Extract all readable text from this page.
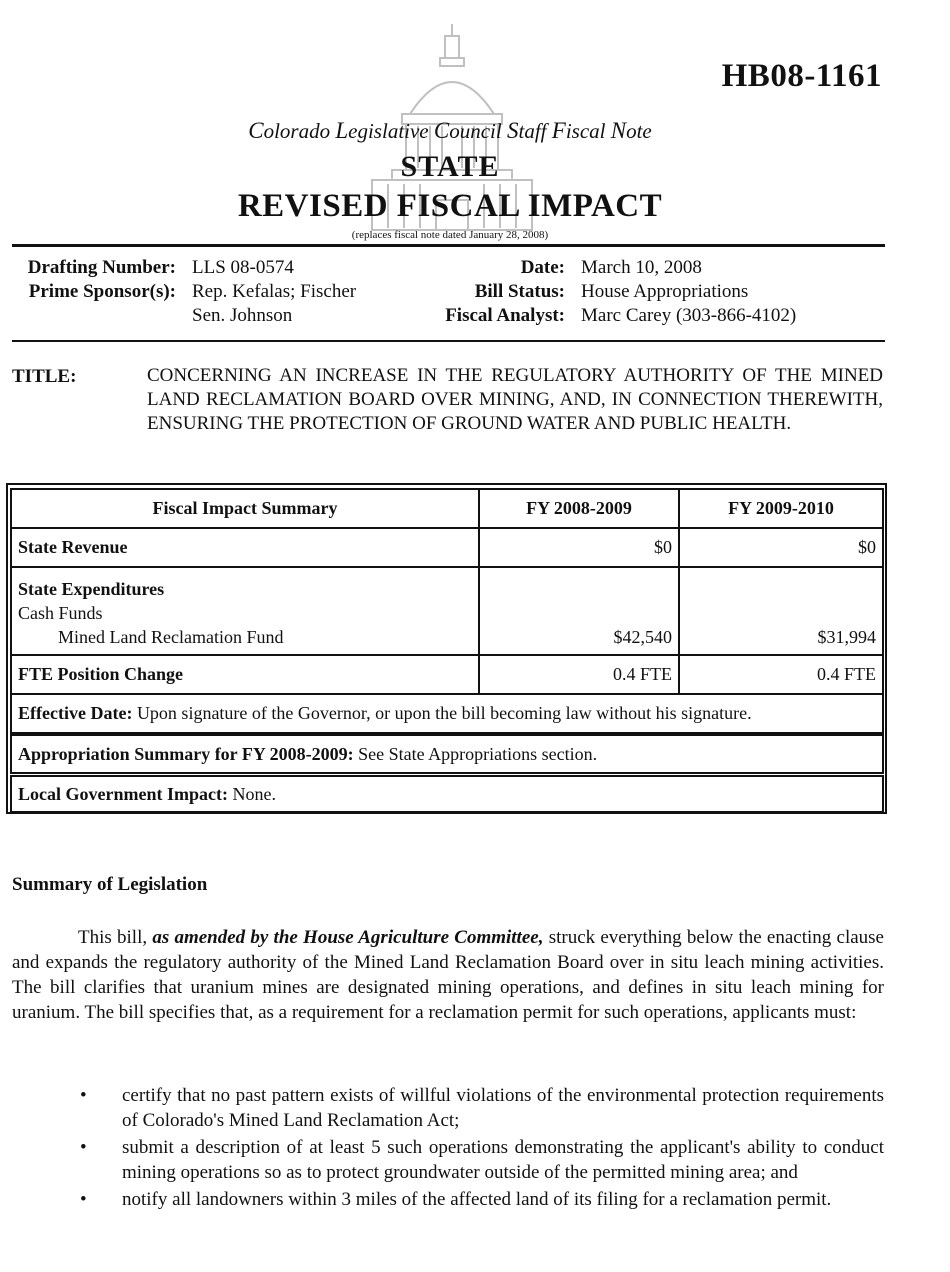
HB08-1161
Colorado Legislative Council Staff Fiscal Note
STATE
REVISED FISCAL IMPACT
(replaces fiscal note dated January 28, 2008)
Drafting Number: LLS 08-0574
Prime Sponsor(s): Rep. Kefalas; Fischer
Sen. Johnson
Date: March 10, 2008
Bill Status: House Appropriations
Fiscal Analyst: Marc Carey (303-866-4102)
TITLE:	CONCERNING AN INCREASE IN THE REGULATORY AUTHORITY OF THE MINED LAND RECLAMATION BOARD OVER MINING, AND, IN CONNECTION THEREWITH, ENSURING THE PROTECTION OF GROUND WATER AND PUBLIC HEALTH.
Fiscal Impact Summary	FY 2008-2009	FY 2009-2010
State Revenue	$0	$0
State Expenditures
Cash Funds
Mined Land Reclamation Fund	$42,540	$31,994
FTE Position Change	0.4 FTE	0.4 FTE
Effective Date: Upon signature of the Governor, or upon the bill becoming law without his signature.
Appropriation Summary for FY 2008-2009: See State Appropriations section.
Local Government Impact: None.
Summary of Legislation

This bill, as amended by the House Agriculture Committee, struck everything below the enacting clause and expands the regulatory authority of the Mined Land Reclamation Board over in situ leach mining activities. The bill clarifies that uranium mines are designated mining operations, and defines in situ leach mining for uranium. The bill specifies that, as a requirement for a reclamation permit for such operations, applicants must:

• certify that no past pattern exists of willful violations of the environmental protection requirements of Colorado's Mined Land Reclamation Act;
• submit a description of at least 5 such operations demonstrating the applicant's ability to conduct mining operations so as to protect groundwater outside of the permitted mining area; and
• notify all landowners within 3 miles of the affected land of its filing for a reclamation permit.
